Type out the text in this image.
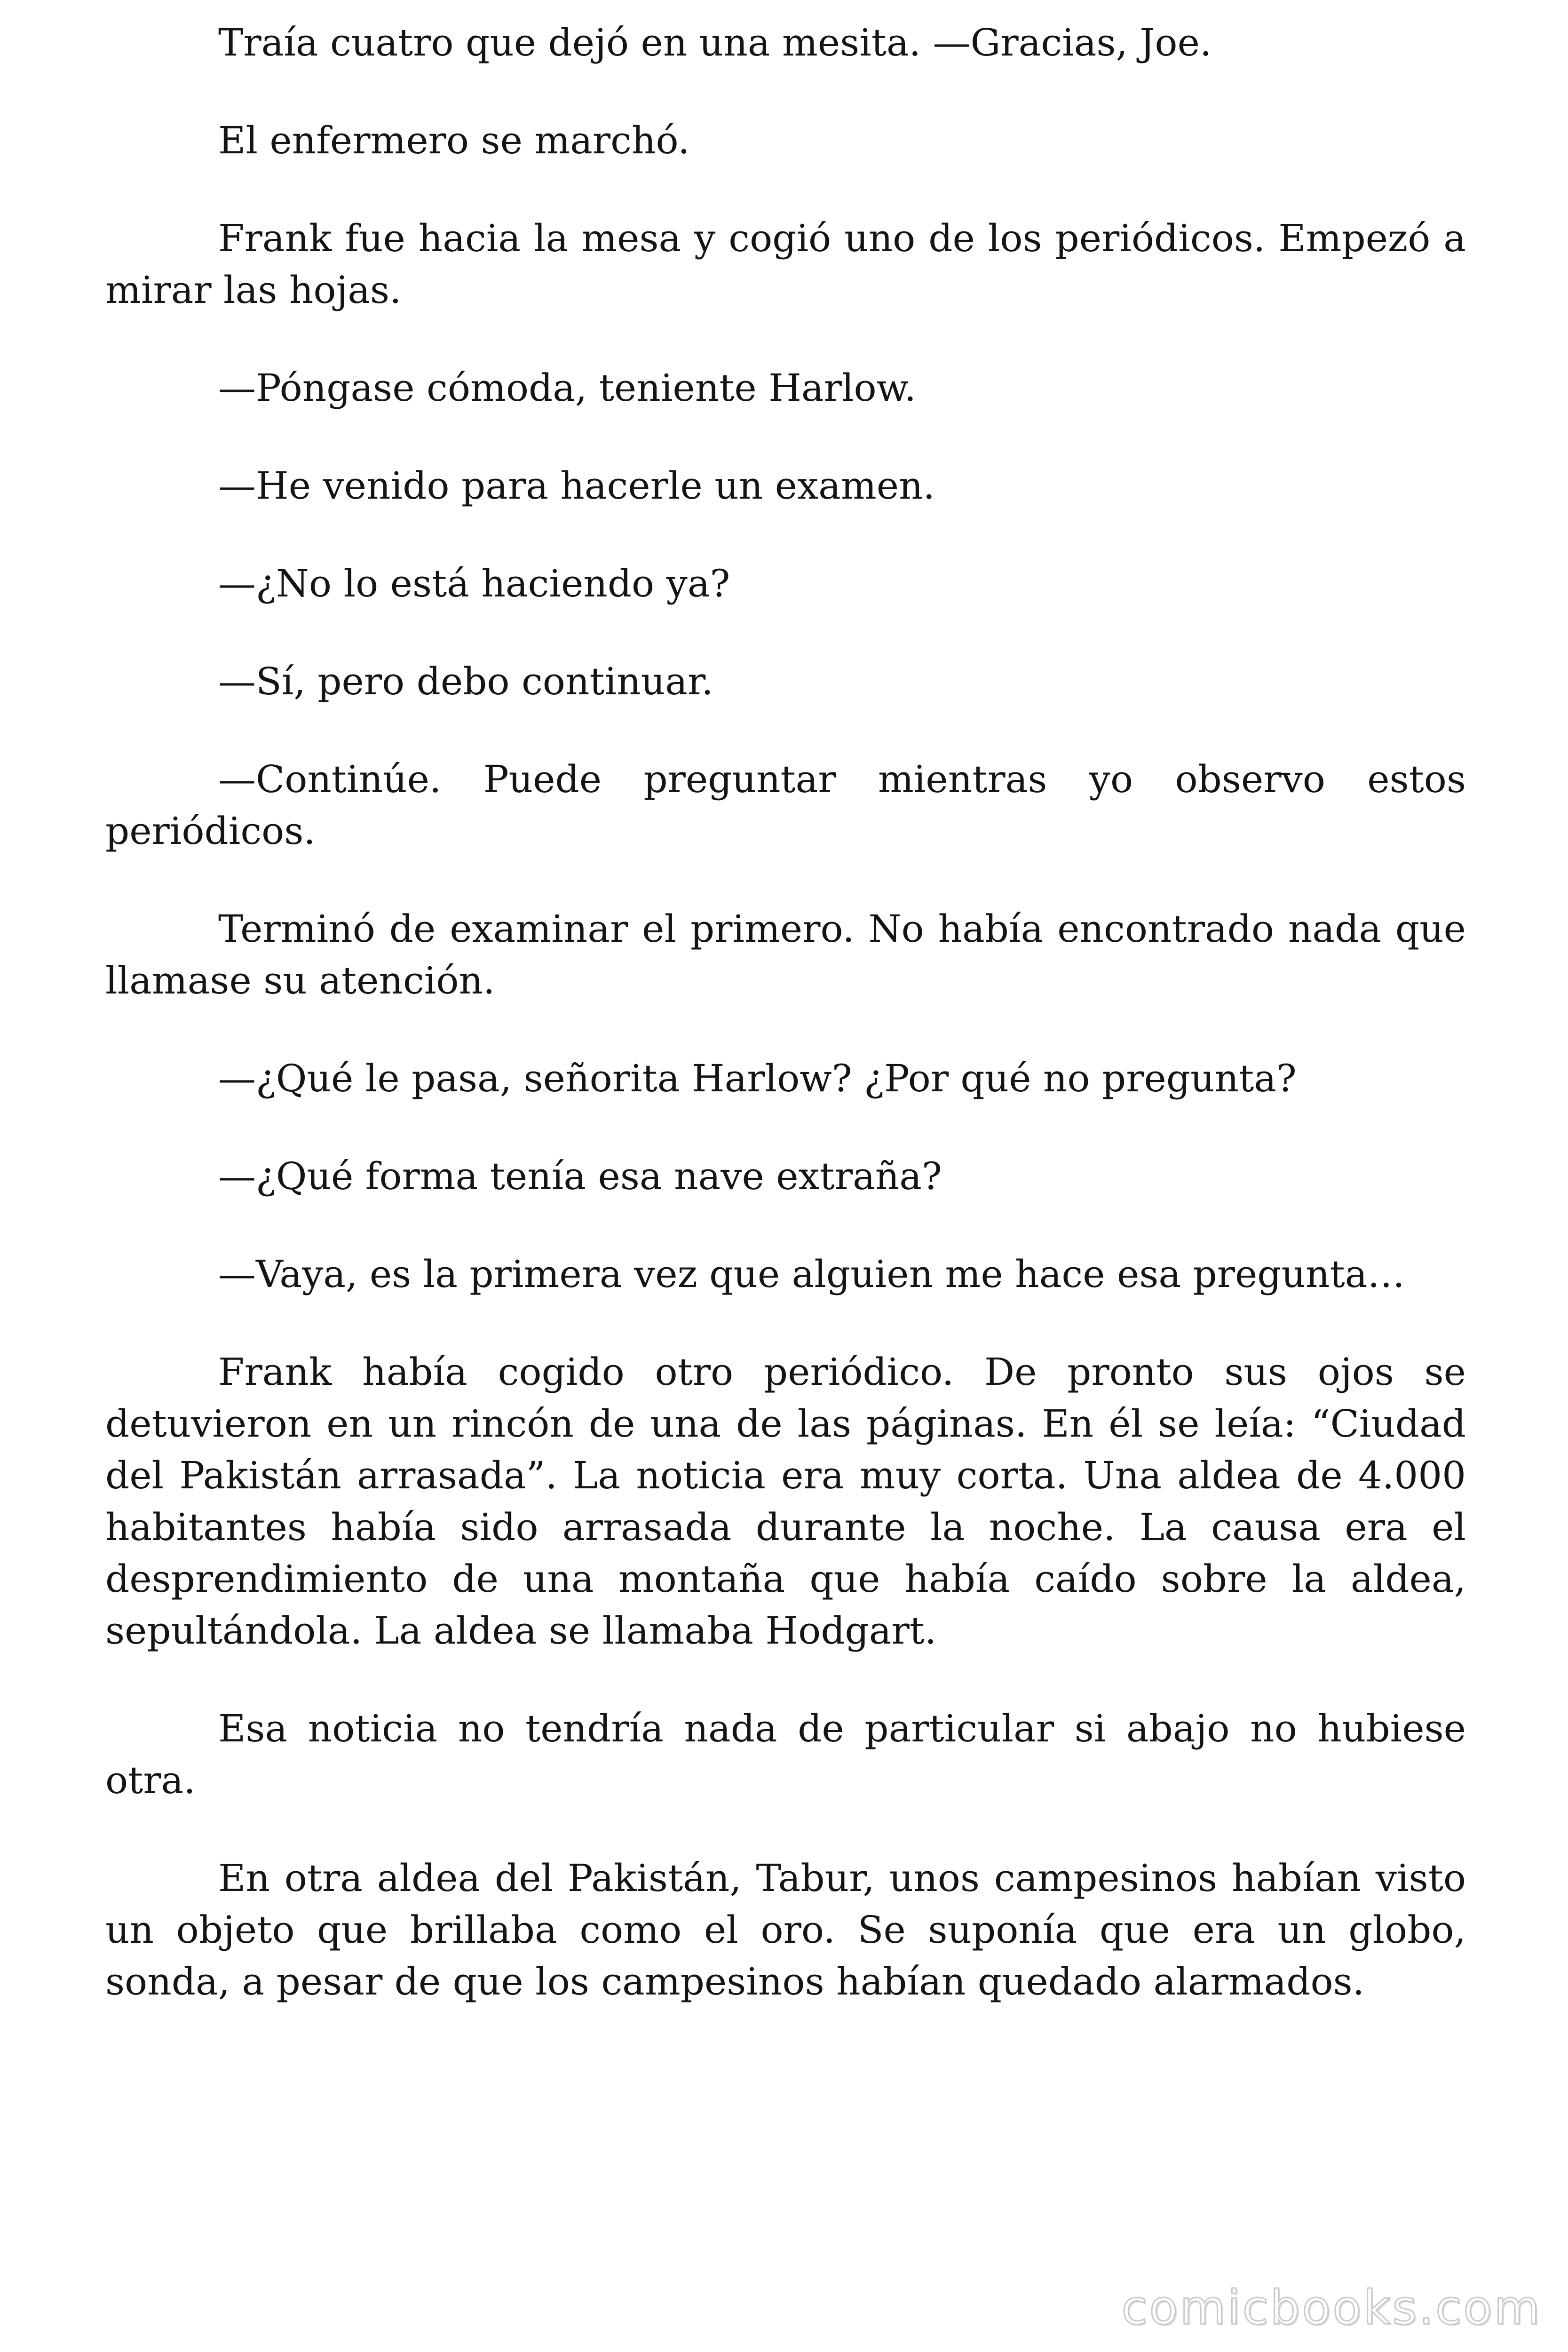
Traía cuatro que dejó en una mesita. —Gracias, Joe.

El enfermero se marchó.

Frank fue hacia la mesa y cogió uno de los periódicos. Empezó a mirar las hojas.

—Póngase cómoda, teniente Harlow.

—He venido para hacerle un examen.

—¿No lo está haciendo ya?

—Sí, pero debo continuar.

—Continúe. Puede preguntar mientras yo observo estos periódicos.

Terminó de examinar el primero. No había encontrado nada que llamase su atención.

—¿Qué le pasa, señorita Harlow? ¿Por qué no pregunta?

—¿Qué forma tenía esa nave extraña?

—Vaya, es la primera vez que alguien me hace esa pregunta…

Frank había cogido otro periódico. De pronto sus ojos se detuvieron en un rincón de una de las páginas. En él se leía: “Ciudad del Pakistán arrasada”. La noticia era muy corta. Una aldea de 4.000 habitantes había sido arrasada durante la noche. La causa era el desprendimiento de una montaña que había caído sobre la aldea, sepultándola. La aldea se llamaba Hodgart.

Esa noticia no tendría nada de particular si abajo no hubiese otra.

En otra aldea del Pakistán, Tabur, unos campesinos habían visto un objeto que brillaba como el oro. Se suponía que era un globo, sonda, a pesar de que los campesinos habían quedado alarmados.

comicbooks.com
